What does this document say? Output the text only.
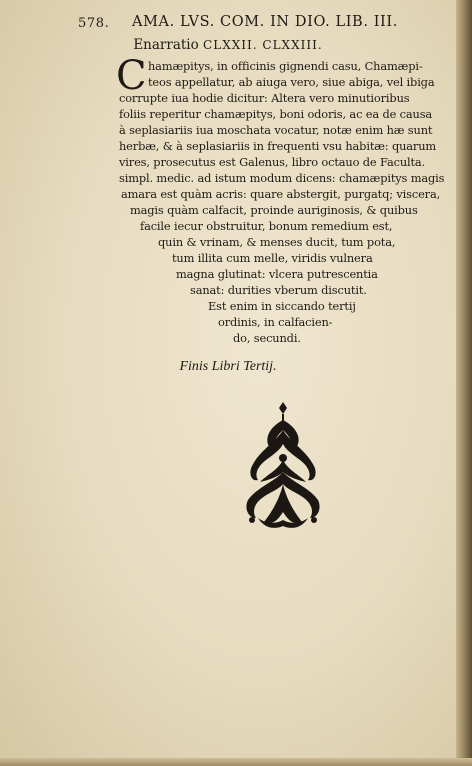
578. AMA. LVS. COM. IN DIO. LIB. III.
Enarratio CLXXII. CLXXIII.
C hamæpitys, in officinis gignendi casu, Chamæpi-
teos appellatur, ab aiuga vero, siue abiga, vel ibiga
corrupte iua hodie dicitur: Altera vero minutioribus
foliis reperitur chamæpitys, boni odoris, ac ea de causa
à seplasiariis iua moschata vocatur, notæ enim hæ sunt
herbæ, & à seplasiariis in frequenti vsu habitæ: quarum
vires, prosecutus est Galenus, libro octauo de Faculta.
simpl. medic. ad istum modum dicens: chamæpitys magis
amara est quàm acris: quare abstergit, purgatq; viscera,
magis quàm calfacit, proinde auriginosis, & quibus
facile iecur obstruitur, bonum remedium est,
quin & vrinam, & menses ducit, tum pota,
tum illita cum melle, viridis vulnera
magna glutinat: vlcera putrescentia
sanat: durities vberum discutit.
Est enim in siccando tertij
ordinis, in calfacien-
do, secundi.
Finis Libri Tertij.
